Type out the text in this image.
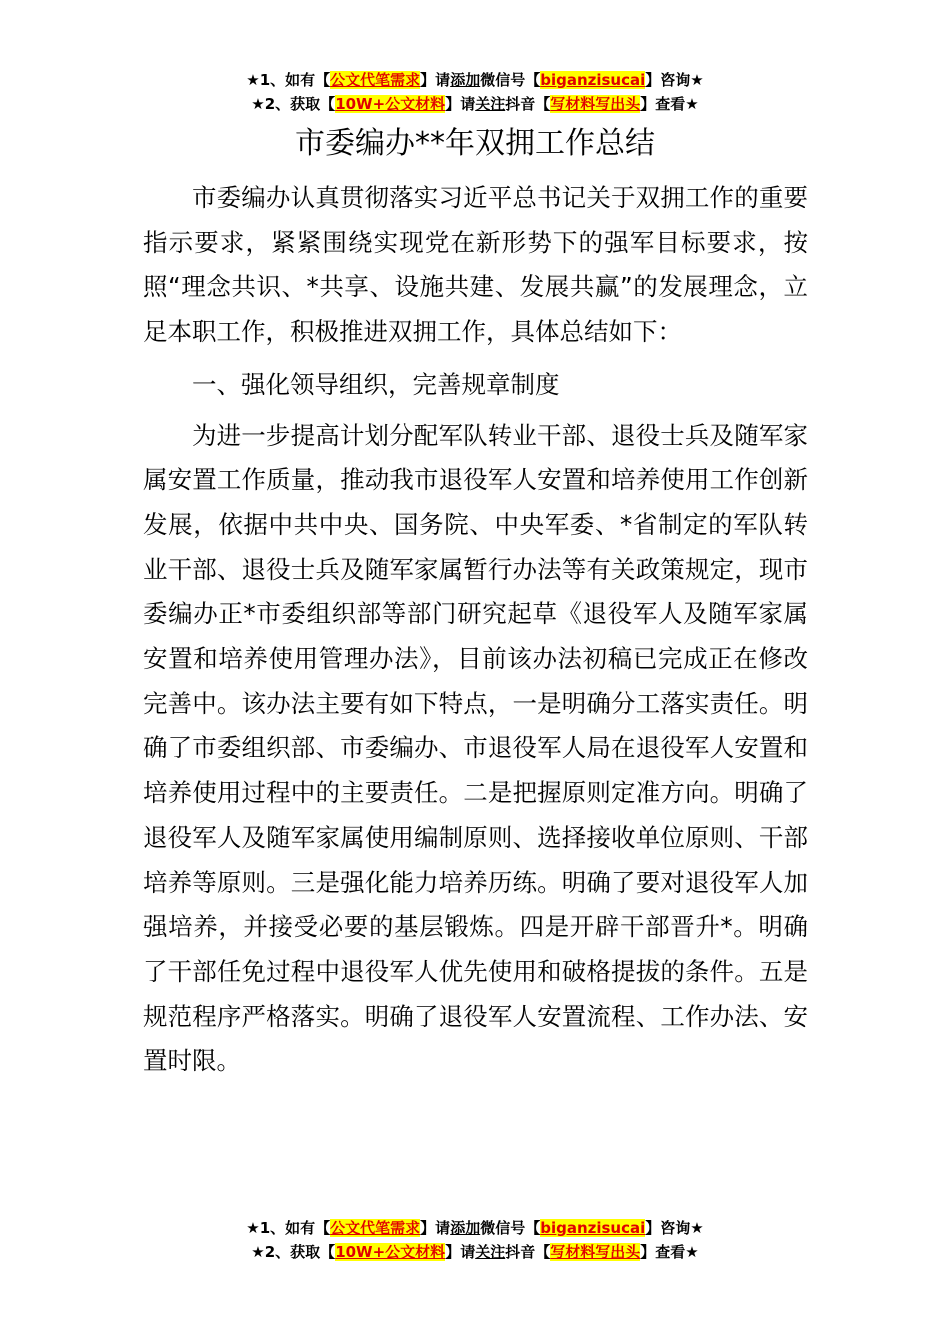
★1、如有【公文代笔需求】请添加微信号【biganzisucai】咨询★
★2、获取【10W+公文材料】请关注抖音【写材料写出头】查看★
市委编办**年双拥工作总结

市委编办认真贯彻落实习近平总书记关于双拥工作的重要指示要求，紧紧围绕实现党在新形势下的强军目标要求，按照“理念共识、*共享、设施共建、发展共赢”的发展理念，立足本职工作，积极推进双拥工作，具体总结如下：

一、强化领导组织，完善规章制度

为进一步提高计划分配军队转业干部、退役士兵及随军家属安置工作质量，推动我市退役军人安置和培养使用工作创新发展，依据中共中央、国务院、中央军委、*省制定的军队转业干部、退役士兵及随军家属暂行办法等有关政策规定，现市委编办正*市委组织部等部门研究起草《退役军人及随军家属安置和培养使用管理办法》，目前该办法初稿已完成正在修改完善中。该办法主要有如下特点，一是明确分工落实责任。明确了市委组织部、市委编办、市退役军人局在退役军人安置和培养使用过程中的主要责任。二是把握原则定准方向。明确了退役军人及随军家属使用编制原则、选择接收单位原则、干部培养等原则。三是强化能力培养历练。明确了要对退役军人加强培养，并接受必要的基层锻炼。四是开辟干部晋升*。明确了干部任免过程中退役军人优先使用和破格提拔的条件。五是规范程序严格落实。明确了退役军人安置流程、工作办法、安置时限。

★1、如有【公文代笔需求】请添加微信号【biganzisucai】咨询★
★2、获取【10W+公文材料】请关注抖音【写材料写出头】查看★
